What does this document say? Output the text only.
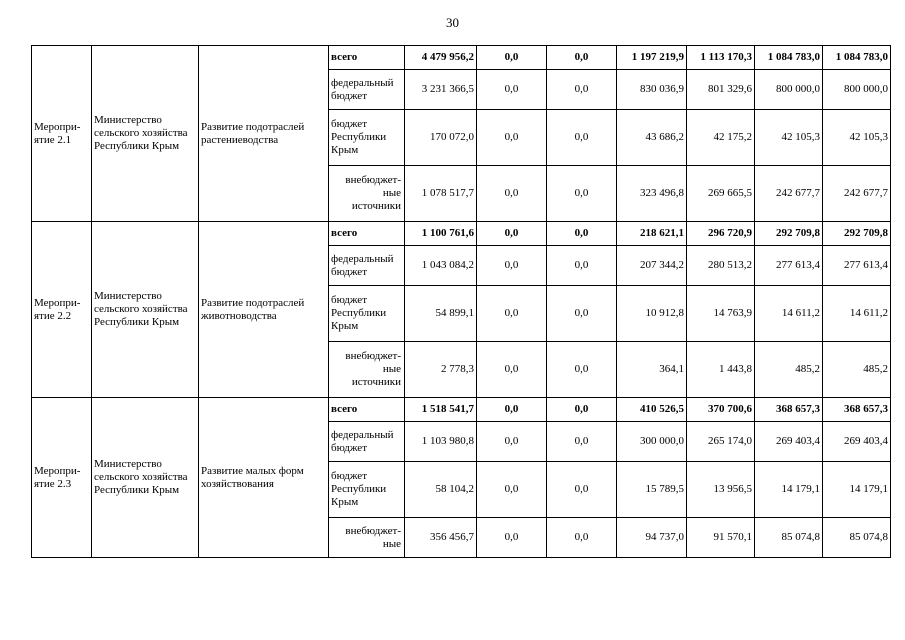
30
Меропри-ятие 2.1	Министерство сельского хозяйства Республики Крым	Развитие подотраслей растениеводства	всего	4 479 956,2	0,0	0,0	1 197 219,9	1 113 170,3	1 084 783,0	1 084 783,0
			федеральный бюджет	3 231 366,5	0,0	0,0	830 036,9	801 329,6	800 000,0	800 000,0
			бюджет Республики Крым	170 072,0	0,0	0,0	43 686,2	42 175,2	42 105,3	42 105,3
			внебюджет-ные источники	1 078 517,7	0,0	0,0	323 496,8	269 665,5	242 677,7	242 677,7
Меропри-ятие 2.2	Министерство сельского хозяйства Республики Крым	Развитие подотраслей животноводства	всего	1 100 761,6	0,0	0,0	218 621,1	296 720,9	292 709,8	292 709,8
			федеральный бюджет	1 043 084,2	0,0	0,0	207 344,2	280 513,2	277 613,4	277 613,4
			бюджет Республики Крым	54 899,1	0,0	0,0	10 912,8	14 763,9	14 611,2	14 611,2
			внебюджет-ные источники	2 778,3	0,0	0,0	364,1	1 443,8	485,2	485,2
Меропри-ятие 2.3	Министерство сельского хозяйства Республики Крым	Развитие малых форм хозяйствования	всего	1 518 541,7	0,0	0,0	410 526,5	370 700,6	368 657,3	368 657,3
			федеральный бюджет	1 103 980,8	0,0	0,0	300 000,0	265 174,0	269 403,4	269 403,4
			бюджет Республики Крым	58 104,2	0,0	0,0	15 789,5	13 956,5	14 179,1	14 179,1
			внебюджет-ные	356 456,7	0,0	0,0	94 737,0	91 570,1	85 074,8	85 074,8
